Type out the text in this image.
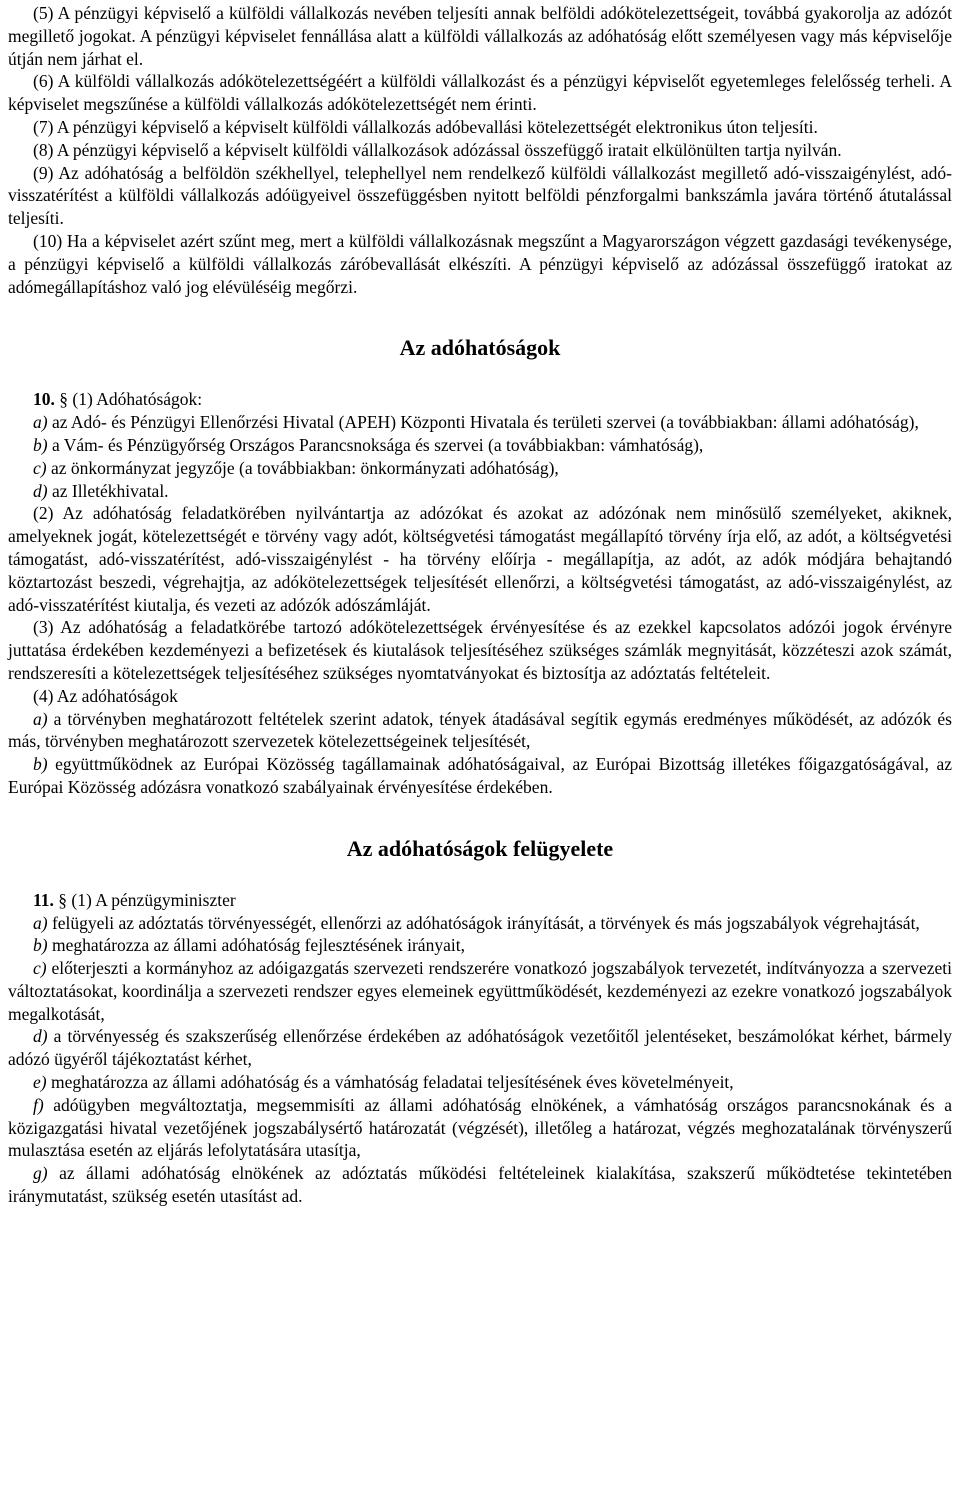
(5) A pénzügyi képviselő a külföldi vállalkozás nevében teljesíti annak belföldi adókötelezettségeit, továbbá gyakorolja az adózót megillető jogokat. A pénzügyi képviselet fennállása alatt a külföldi vállalkozás az adóhatóság előtt személyesen vagy más képviselője útján nem járhat el.

(6) A külföldi vállalkozás adókötelezettségéért a külföldi vállalkozást és a pénzügyi képviselőt egyetemleges felelősség terheli. A képviselet megszűnése a külföldi vállalkozás adókötelezettségét nem érinti.

(7) A pénzügyi képviselő a képviselt külföldi vállalkozás adóbevallási kötelezettségét elektronikus úton teljesíti.

(8) A pénzügyi képviselő a képviselt külföldi vállalkozások adózással összefüggő iratait elkülönülten tartja nyilván.

(9) Az adóhatóság a belföldön székhellyel, telephellyel nem rendelkező külföldi vállalkozást megillető adó-visszaigénylést, adó-visszatérítést a külföldi vállalkozás adóügyeivel összefüggésben nyitott belföldi pénzforgalmi bankszámla javára történő átutalással teljesíti.

(10) Ha a képviselet azért szűnt meg, mert a külföldi vállalkozásnak megszűnt a Magyarországon végzett gazdasági tevékenysége, a pénzügyi képviselő a külföldi vállalkozás záróbevallását elkészíti. A pénzügyi képviselő az adózással összefüggő iratokat az adómegállapításhoz való jog elévüléséig megőrzi.

Az adóhatóságok

10. § (1) Adóhatóságok:

a) az Adó- és Pénzügyi Ellenőrzési Hivatal (APEH) Központi Hivatala és területi szervei (a továbbiakban: állami adóhatóság),

b) a Vám- és Pénzügyőrség Országos Parancsnoksága és szervei (a továbbiakban: vámhatóság),

c) az önkormányzat jegyzője (a továbbiakban: önkormányzati adóhatóság),

d) az Illetékhivatal.

(2) Az adóhatóság feladatkörében nyilvántartja az adózókat és azokat az adózónak nem minősülő személyeket, akiknek, amelyeknek jogát, kötelezettségét e törvény vagy adót, költségvetési támogatást megállapító törvény írja elő, az adót, a költségvetési támogatást, adó-visszatérítést, adó-visszaigénylést - ha törvény előírja - megállapítja, az adót, az adók módjára behajtandó köztartozást beszedi, végrehajtja, az adókötelezettségek teljesítését ellenőrzi, a költségvetési támogatást, az adó-visszaigénylést, az adó-visszatérítést kiutalja, és vezeti az adózók adószámláját.

(3) Az adóhatóság a feladatkörébe tartozó adókötelezettségek érvényesítése és az ezekkel kapcsolatos adózói jogok érvényre juttatása érdekében kezdeményezi a befizetések és kiutalások teljesítéséhez szükséges számlák megnyitását, közzéteszi azok számát, rendszeresíti a kötelezettségek teljesítéséhez szükséges nyomtatványokat és biztosítja az adóztatás feltételeit.

(4) Az adóhatóságok

a) a törvényben meghatározott feltételek szerint adatok, tények átadásával segítik egymás eredményes működését, az adózók és más, törvényben meghatározott szervezetek kötelezettségeinek teljesítését,

b) együttműködnek az Európai Közösség tagállamainak adóhatóságaival, az Európai Bizottság illetékes főigazgatóságával, az Európai Közösség adózásra vonatkozó szabályainak érvényesítése érdekében.

Az adóhatóságok felügyelete

11. § (1) A pénzügyminiszter

a) felügyeli az adóztatás törvényességét, ellenőrzi az adóhatóságok irányítását, a törvények és más jogszabályok végrehajtását,

b) meghatározza az állami adóhatóság fejlesztésének irányait,

c) előterjeszti a kormányhoz az adóigazgatás szervezeti rendszerére vonatkozó jogszabályok tervezetét, indítványozza a szervezeti változtatásokat, koordinálja a szervezeti rendszer egyes elemeinek együttműködését, kezdeményezi az ezekre vonatkozó jogszabályok megalkotását,

d) a törvényesség és szakszerűség ellenőrzése érdekében az adóhatóságok vezetőitől jelentéseket, beszámolókat kérhet, bármely adózó ügyéről tájékoztatást kérhet,

e) meghatározza az állami adóhatóság és a vámhatóság feladatai teljesítésének éves követelményeit,

f) adóügyben megváltoztatja, megsemmisíti az állami adóhatóság elnökének, a vámhatóság országos parancsnokának és a közigazgatási hivatal vezetőjének jogszabálysértő határozatát (végzését), illetőleg a határozat, végzés meghozatalának törvényszerű mulasztása esetén az eljárás lefolytatására utasítja,

g) az állami adóhatóság elnökének az adóztatás működési feltételeinek kialakítása, szakszerű működtetése tekintetében iránymutatást, szükség esetén utasítást ad.
